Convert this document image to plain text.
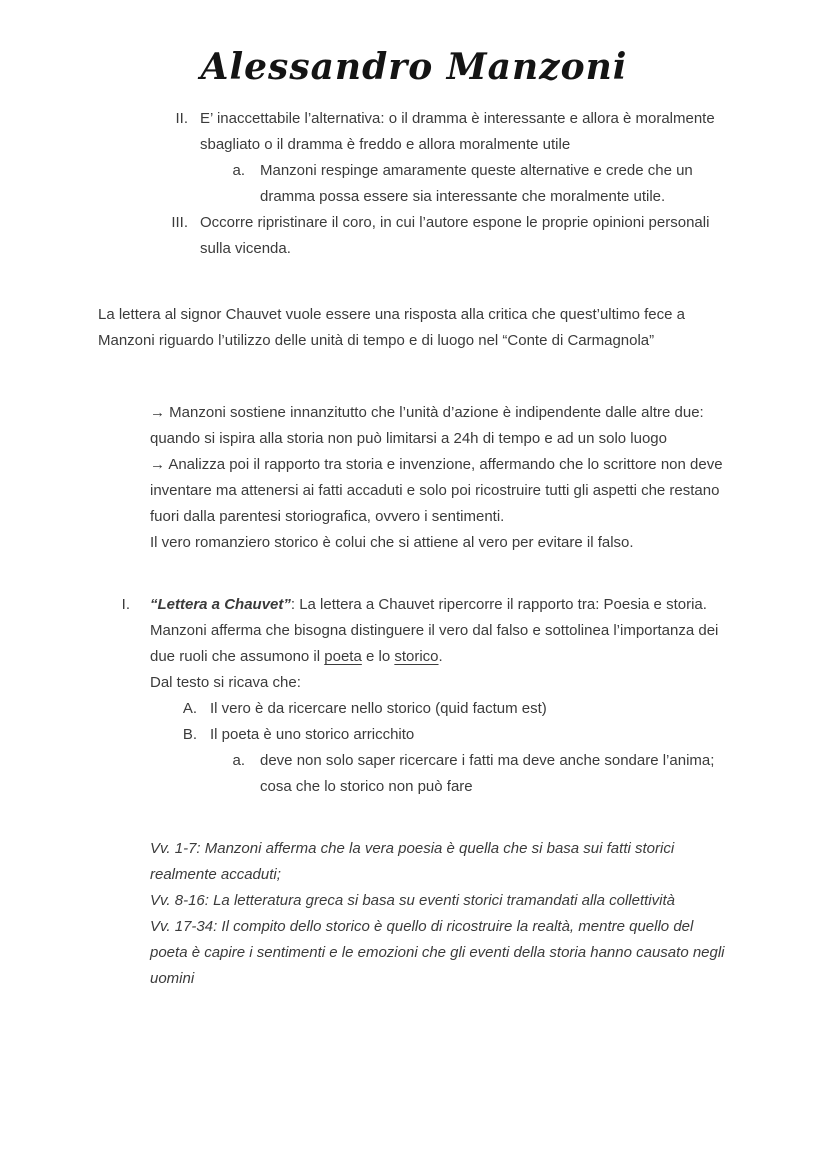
Alessandro Manzoni
II. E’ inaccettabile l’alternativa: o il dramma è interessante e allora è moralmente sbagliato o il dramma è freddo e allora moralmente utile
a. Manzoni respinge amaramente queste alternative e crede che un dramma possa essere sia interessante che moralmente utile.
III. Occorre ripristinare il coro, in cui l’autore espone le proprie opinioni personali sulla vicenda.

La lettera al signor Chauvet vuole essere una risposta alla critica che quest’ultimo fece a Manzoni riguardo l’utilizzo delle unità di tempo e di luogo nel “Conte di Carmagnola”

→ Manzoni sostiene innanzitutto che l’unità d’azione è indipendente dalle altre due: quando si ispira alla storia non può limitarsi a 24h di tempo e ad un solo luogo

→ Analizza poi il rapporto tra storia e invenzione, affermando che lo scrittore non deve inventare ma attenersi ai fatti accaduti e solo poi ricostruire tutti gli aspetti che restano fuori dalla parentesi storiografica, ovvero i sentimenti.

Il vero romanziero storico è colui che si attiene al vero per evitare il falso.

I.	“Lettera a Chauvet”: La lettera a Chauvet ripercorre il rapporto tra: Poesia e storia.

Manzoni afferma che bisogna distinguere il vero dal falso e sottolinea l’importanza dei due ruoli che assumono il poeta e lo storico.

Dal testo si ricava che:

A. Il vero è da ricercare nello storico (quid factum est)
B. Il poeta è uno storico arricchito
a. deve non solo saper ricercare i fatti ma deve anche sondare l’anima; cosa che lo storico non può fare

Vv. 1-7: Manzoni afferma che la vera poesia è quella che si basa sui fatti storici realmente accaduti;

Vv. 8-16: La letteratura greca si basa su eventi storici tramandati alla collettività

Vv. 17-34: Il compito dello storico è quello di ricostruire la realtà, mentre quello del poeta è capire i sentimenti e le emozioni che gli eventi della storia hanno causato negli uomini
